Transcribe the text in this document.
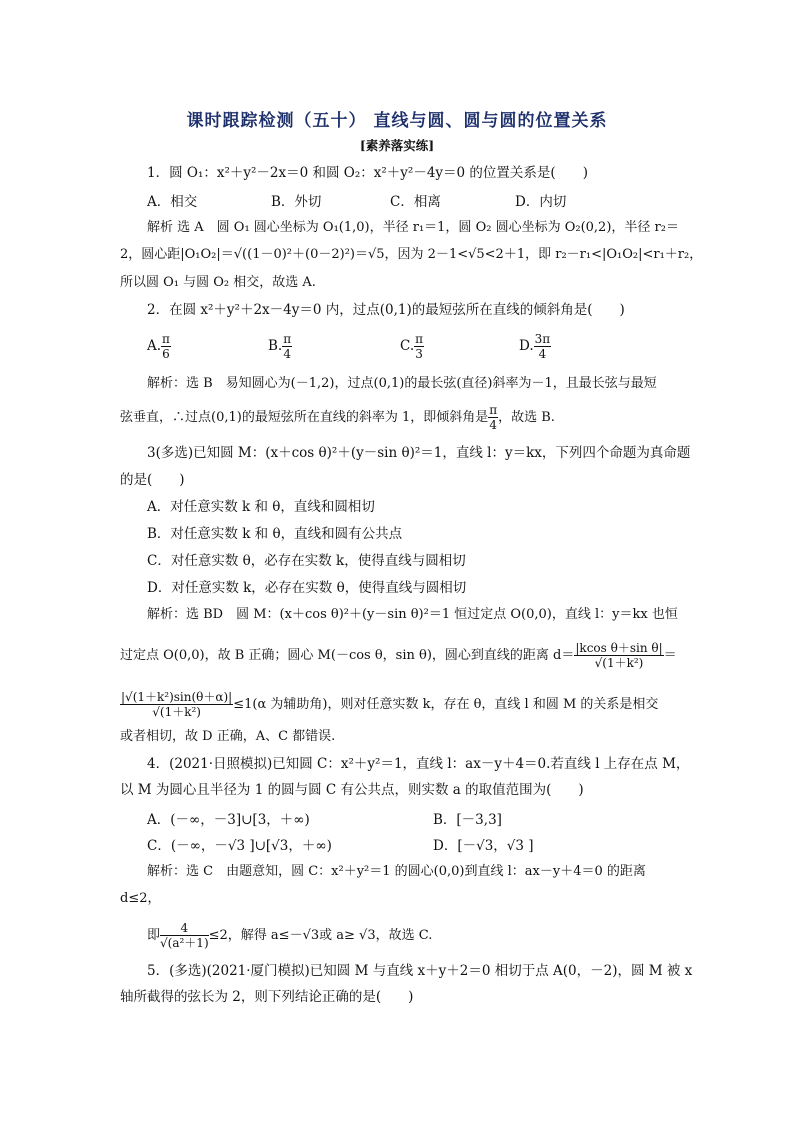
课时跟踪检测（五十） 直线与圆、圆与圆的位置关系
[素养落实练]
1．圆 O₁：x²＋y²－2x＝0 和圆 O₂：x²＋y²－4y＝0 的位置关系是(　　)
A．相交	B．外切	C．相离	D．内切
解析 选 A　圆 O₁ 圆心坐标为 O₁(1,0)，半径 r₁＝1，圆 O₂ 圆心坐标为 O₂(0,2)，半径 r₂＝
2，圆心距|O₁O₂|＝√((1－0)²＋(0－2)²)＝√5，因为 2－1<√5<2＋1，即 r₂－r₁<|O₁O₂|<r₁＋r₂，
所以圆 O₁ 与圆 O₂ 相交，故选 A.
2．在圆 x²＋y²＋2x－4y＝0 内，过点(0,1)的最短弦所在直线的倾斜角是(　　)
A. $\frac{\pi}{6}$	B. $\frac{\pi}{4}$	C. $\frac{\pi}{3}$	D. $\frac{3\pi}{4}$
解析：选 B　易知圆心为(－1,2)，过点(0,1)的最长弦(直径)斜率为－1，且最长弦与最短
弦垂直，∴过点(0,1)的最短弦所在直线的斜率为 1，即倾斜角是 $\frac{\pi}{4}$ ，故选 B.
3(多选)已知圆 M：(x＋cos θ)²＋(y－sin θ)²＝1，直线 l：y＝kx，下列四个命题为真命题
的是(　　)
A．对任意实数 k 和 θ，直线和圆相切
B．对任意实数 k 和 θ，直线和圆有公共点
C．对任意实数 θ，必存在实数 k，使得直线与圆相切
D．对任意实数 k，必存在实数 θ，使得直线与圆相切
解析：选 BD　圆 M：(x＋cos θ)²＋(y－sin θ)²＝1 恒过定点 O(0,0)，直线 l：y＝kx 也恒
过定点 O(0,0)，故 B 正确；圆心 M(－cos θ，sin θ)，圆心到直线的距离 $d= \frac{\text{|kcos θ＋sin θ|}}{\text{√(1＋k²)}}$ ＝
$\frac{\text{|√(1＋k²)sin(θ＋α)|}}{\text{√(1＋k²)}} \le 1(\alpha$ 为辅助角)，则对任意实数 k，存在 θ，直线 l 和圆 M 的关系是相交
或者相切，故 D 正确，A、C 都错误.
4．(2021·日照模拟)已知圆 C：x²＋y²＝1，直线 l：ax－y＋4＝0.若直线 l 上存在点 M，
以 M 为圆心且半径为 1 的圆与圆 C 有公共点，则实数 a 的取值范围为(　　)
A．(－∞，－3]∪[3，＋∞)	B．[－3,3]
C．(－∞，－√3 ]∪[√3，＋∞)	D．[－√3，√3 ]
解析：选 C　由题意知，圆 C：x²＋y²＝1 的圆心(0,0)到直线 l：ax－y＋4＝0 的距离
d≤2，
即 $\frac{4}{\text{√(a²＋1)}} \le 2$，解得 a≤－√3或 a≥ √3，故选 C.
5．(多选)(2021·厦门模拟)已知圆 M 与直线 x＋y＋2＝0 相切于点 A(0，－2)，圆 M 被 x
轴所截得的弦长为 2，则下列结论正确的是(　　)
